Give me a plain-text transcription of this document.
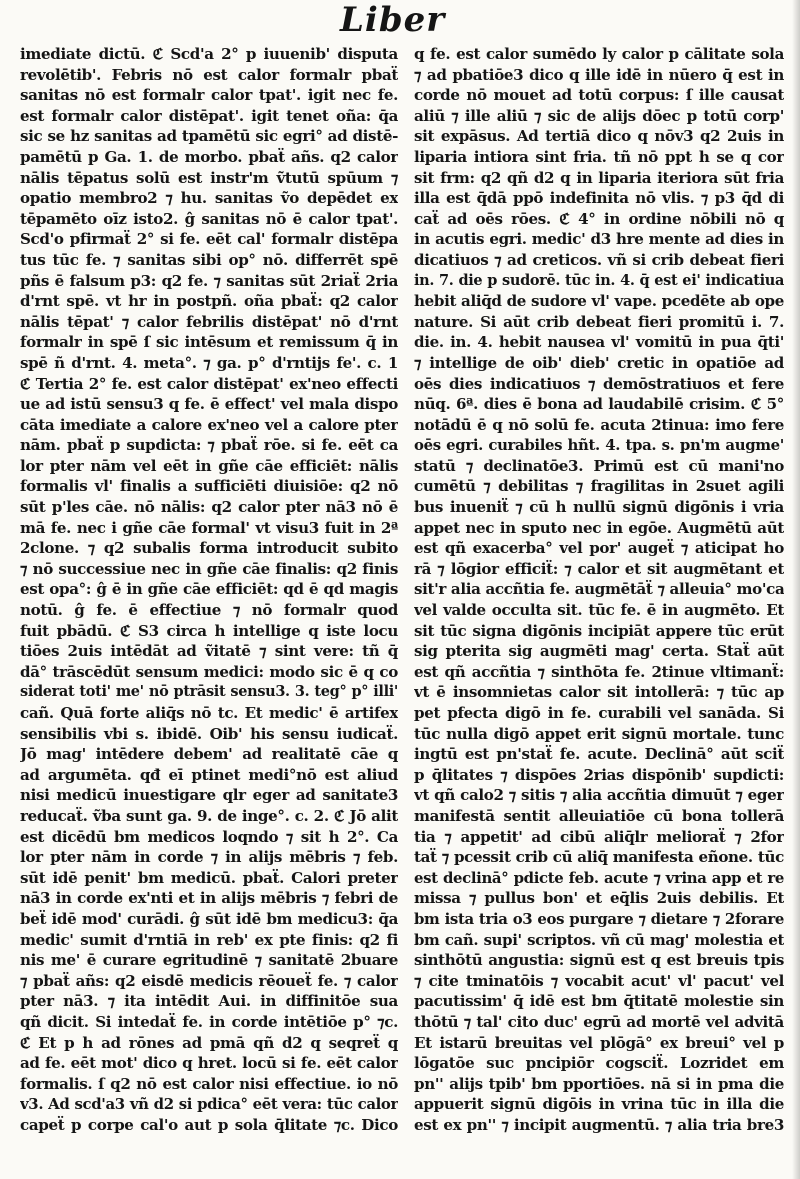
Liber
imediate dictū. ℭ Scd'a 2° p iuuenib' disputa
revolētib'. Febris nō est calor formalr pbaẗ
sanitas nō est formalr calor tpat'. igit nec fe.
est formalr calor distēpat'. igit tenet oña: q̄a
sic se hz sanitas ad tpamētū sic egri° ad distē-
pamētū p Ga. 1. de morbo. pbaẗ añs. q2 calor
nālis tēpatus solū est instr'm ṽtutū spūum ⁊
opatio membro2 ⁊ hu. sanitas ṽo depēdet ex
tēpamēto oīz isto2. ĝ sanitas nō ē calor tpat'.
Scd'o pfirmaẗ 2° si fe. eēt cal' formalr distēpa
tus tūc fe. ⁊ sanitas sibi op° nō. differrēt spē
pñs ē falsum p3: q2 fe. ⁊ sanitas sūt 2riaẗ 2ria
d'rnt spē. vt hr in postpñ. oña pbaẗ: q2 calor
nālis tēpat' ⁊ calor febrilis distēpat' nō d'rnt
formalr in spē ſ sic intēsum et remissum q̄ in
spē ñ d'rnt. 4. meta°. ⁊ ga. p° d'rntijs fe'. c. 1
ℭ Tertia 2° fe. est calor distēpat' ex'neo effecti
ue ad istū sensu3 q fe. ē effect' vel mala dispo
cāta imediate a calore ex'neo vel a calore pter
nām. pbaẗ p supdicta: ⁊ pbaẗ rōe. si fe. eēt ca
lor pter nām vel eēt in gñe cāe efficiēt: nālis
formalis vl' finalis a sufficiēti diuisiōe: q2 nō
sūt p'les cāe. nō nālis: q2 calor pter nā3 nō ē
mā fe. nec i gñe cāe formal' vt visu3 fuit in 2ª
2clone. ⁊ q2 subalis forma introducit subito
⁊ nō successiue nec in gñe cāe finalis: q2 finis
est opa°: ĝ ē in gñe cāe efficiēt: qd ē qd magis
notū. ĝ fe. ē effectiue ⁊ nō formalr quod
fuit pbādū. ℭ S3 circa h intellige q iste locu
tiōes 2uis intēdāt ad ṽitatē ⁊ sint vere: tñ q̄
dā° trāscēdūt sensum medici: modo sic ē q co
siderat toti' me' nō ptrāsit sensu3. 3. teg° p° illi'
cañ. Quā forte aliq̄s nō tc. Et medic' ē artifex
sensibilis vbi s. ibidē. Oib' his sensu iudicaẗ.
Jō mag' intēdere debem' ad realitatē cāe q
ad argumēta. qđ eī ptinet medi°nō est aliud
nisi medicū inuestigare qlr eger ad sanitate3
reducaẗ. ṽba sunt ga. 9. de inge°. c. 2. ℭ Jō alit
est dicēdū bm medicos loqndo ⁊ sit h 2°. Ca
lor pter nām in corde ⁊ in alijs mēbris ⁊ feb.
sūt idē penit' bm medicū. pbaẗ. Calori preter
nā3 in corde ex'nti et in alijs mēbris ⁊ febri de
beẗ idē mod' curādi. ĝ sūt idē bm medicu3: q̄a
medic' sumit d'rntiā in reb' ex pte finis: q2 fi
nis me' ē curare egritudinē ⁊ sanitatē 2buare
⁊ pbaẗ añs: q2 eisdē medicis rēoueẗ fe. ⁊ calor
pter nā3. ⁊ ita intēdit Aui. in diffinitōe sua
qñ dicit. Si intedaẗ fe. in corde intētiōe p° ⁊c.
ℭ Et p h ad rōnes ad pmā qñ d2 q seqreẗ q
ad fe. eēt mot' dico q hret. locū si fe. eēt calor
formalis. ſ q2 nō est calor nisi effectiue. io nō
v3. Ad scd'a3 vñ d2 si pdica° eēt vera: tūc calor
capeẗ p corpe cal'o aut p sola q̄litate ⁊c. Dico
q fe. est calor sumēdo ly calor p cālitate sola
⁊ ad pbatiōe3 dico q ille idē in nūero q̄ est in
corde nō mouet ad totū corpus: ſ ille causat
aliū ⁊ ille aliū ⁊ sic de alijs dōec p totū corp'
sit expāsus. Ad tertiā dico q nōv3 q2 2uis in
liparia intiora sint fria. tñ nō ppt h se q cor
sit frm: q2 qñ d2 q in liparia iteriora sūt fria
illa est q̄dā ppō indefinita nō vlis. ⁊ p3 q̄d di
caẗ ad oēs rōes. ℭ 4° in ordine nōbili nō q
in acutis egri. medic' d3 hre mente ad dies in
dicatiuos ⁊ ad creticos. vñ si crib debeat fieri
in. 7. die p sudorē. tūc in. 4. q̄ est ei' indicatiua
hebit aliq̄d de sudore vl' vape. pcedēte ab ope
nature. Si aūt crib debeat fieri promitū i. 7.
die. in. 4. hebit nausea vl' vomitū in pua q̄ti'
⁊ intellige de oib' dieb' cretic in opatiōe ad
oēs dies indicatiuos ⁊ demōstratiuos et fere
nūq. 6ª. dies ē bona ad laudabilē crisim. ℭ 5°
notādū ē q nō solū fe. acuta 2tinua: imo fere
oēs egri. curabiles hñt. 4. tpa. s. pn'm augme'
statū ⁊ declinatōe3. Primū est cū mani'no
cumētū ⁊ debilitas ⁊ fragilitas in 2suet agili
bus inueniẗ ⁊ cū h nullū signū digōnis i vria
appet nec in sputo nec in egōe. Augmētū aūt
est qñ exacerba° vel por' augeẗ ⁊ aticipat ho
rā ⁊ lōgior efficiẗ: ⁊ calor et sit augmētant et
sit'r alia accñtia fe. augmētāẗ ⁊ alleuia° mo'ca
vel valde occulta sit. tūc fe. ē in augmēto. Et
sit tūc signa digōnis incipiāt appere tūc erūt
sig pterita sig augmēti mag' certa. Staẗ aūt
est qñ accñtia ⁊ sinthōta fe. 2tinue vltimanẗ:
vt ē insomnietas calor sit intollerā: ⁊ tūc ap
pet pfecta digō in fe. curabili vel sanāda. Si
tūc nulla digō appet erit signū mortale. tunc
ingtū est pn'staẗ fe. acute. Declinā° aūt sciẗ
p q̄litates ⁊ dispōes 2rias dispōnib' supdicti:
vt qñ calo2 ⁊ sitis ⁊ alia accñtia dimuūt ⁊ eger
manifestā sentit alleuiatiōe cū bona tollerā
tia ⁊ appetit' ad cibū aliq̄lr melioraẗ ⁊ 2for
taẗ ⁊ pcessit crib cū aliq̄ manifesta eñone. tūc
est declinā° pdicte feb. acute ⁊ vrina app et re
missa ⁊ pullus bon' et eq̄lis 2uis debilis. Et
bm ista tria o3 eos purgare ⁊ dietare ⁊ 2forare
bm cañ. supi' scriptos. vñ cū mag' molestia et
sinthōtū angustia: signū est q est breuis tpis
⁊ cite tminatōis ⁊ vocabit acut' vl' pacut' vel
pacutissim' q̄ idē est bm q̄titatē molestie sin
thōtū ⁊ tal' cito duc' egrū ad mortē vel advitā
Et istarū breuitas vel plōgā° ex breui° vel p
lōgatōe suc pncipiōr cogsciẗ. Lozridet em
pn'' alijs tpib' bm pportiōes. nā si in pma die
appuerit signū digōis in vrina tūc in illa die
est ex pn'' ⁊ incipit augmentū. ⁊ alia tria bre3
